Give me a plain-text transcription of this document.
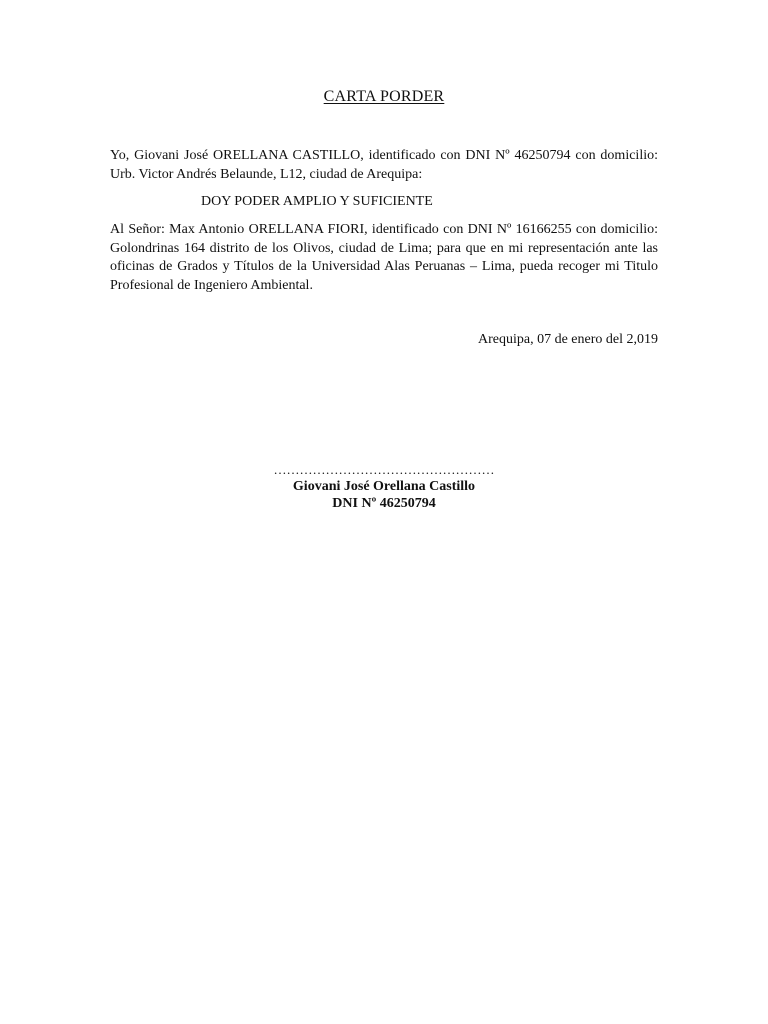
CARTA PORDER
Yo, Giovani José ORELLANA CASTILLO, identificado con DNI Nº 46250794 con domicilio: Urb. Victor Andrés Belaunde, L12, ciudad de Arequipa:
DOY PODER AMPLIO Y SUFICIENTE
Al Señor: Max Antonio ORELLANA FIORI, identificado con DNI Nº 16166255 con domicilio: Golondrinas 164 distrito de los Olivos, ciudad de Lima; para que en mi representación ante las oficinas de Grados y Títulos de la Universidad Alas Peruanas – Lima, pueda recoger mi Titulo Profesional de Ingeniero Ambiental.
Arequipa, 07 de enero del 2,019
……………………………………………
Giovani José Orellana Castillo
DNI Nº 46250794
